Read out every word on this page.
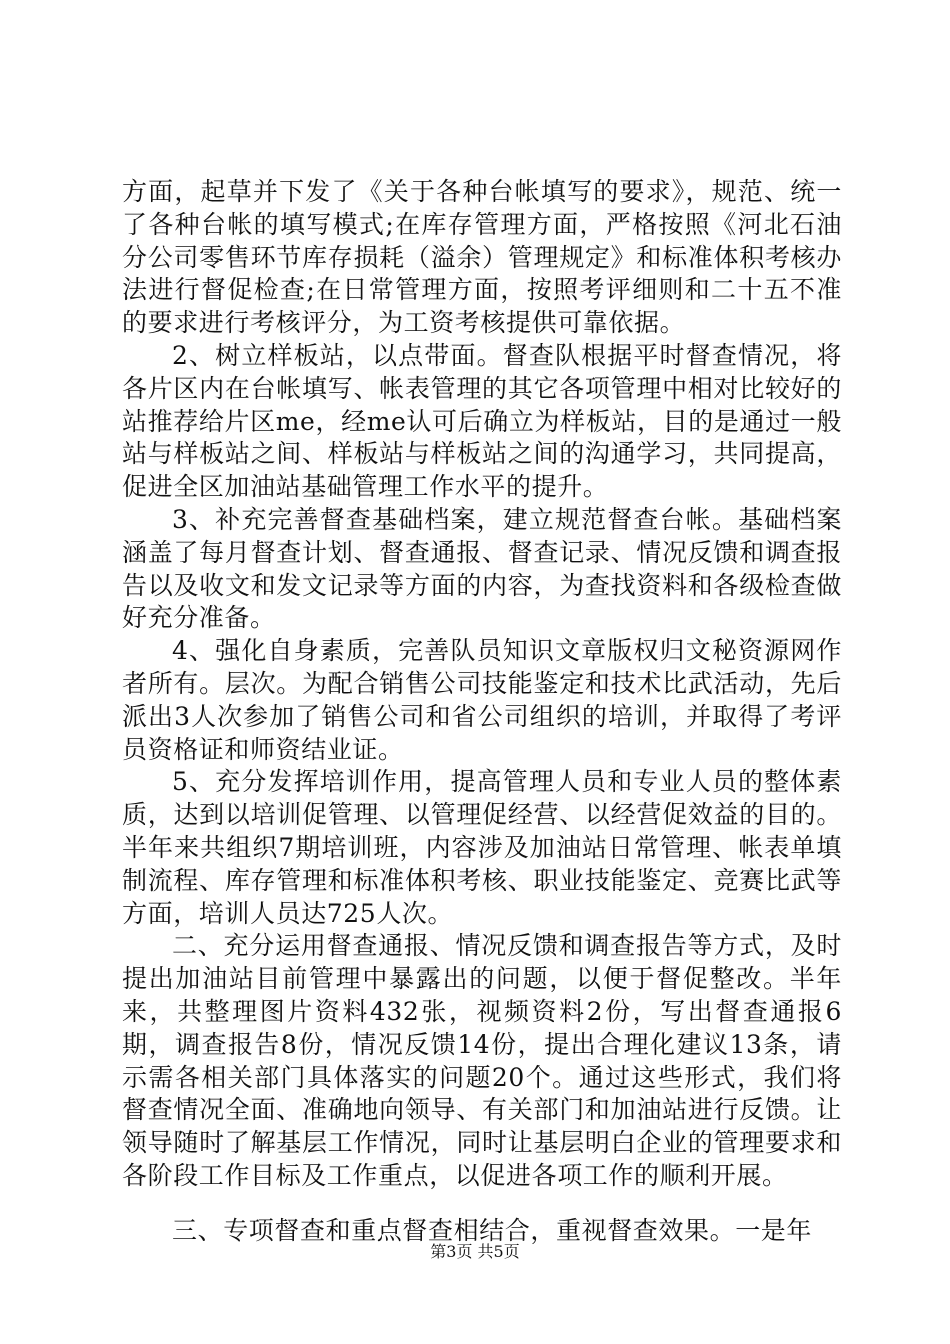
方面，起草并下发了《关于各种台帐填写的要求》，规范、统一了各种台帐的填写模式;在库存管理方面，严格按照《河北石油分公司零售环节库存损耗（溢余）管理规定》和标准体积考核办法进行督促检查;在日常管理方面，按照考评细则和二十五不准的要求进行考核评分，为工资考核提供可靠依据。

2、树立样板站，以点带面。督查队根据平时督查情况，将各片区内在台帐填写、帐表管理的其它各项管理中相对比较好的站推荐给片区me，经me认可后确立为样板站，目的是通过一般站与样板站之间、样板站与样板站之间的沟通学习，共同提高，促进全区加油站基础管理工作水平的提升。

3、补充完善督查基础档案，建立规范督查台帐。基础档案涵盖了每月督查计划、督查通报、督查记录、情况反馈和调查报告以及收文和发文记录等方面的内容，为查找资料和各级检查做好充分准备。

4、强化自身素质，完善队员知识文章版权归文秘资源网作者所有。层次。为配合销售公司技能鉴定和技术比武活动，先后派出3人次参加了销售公司和省公司组织的培训，并取得了考评员资格证和师资结业证。

5、充分发挥培训作用，提高管理人员和专业人员的整体素质，达到以培训促管理、以管理促经营、以经营促效益的目的。半年来共组织7期培训班，内容涉及加油站日常管理、帐表单填制流程、库存管理和标准体积考核、职业技能鉴定、竞赛比武等方面，培训人员达725人次。

二、充分运用督查通报、情况反馈和调查报告等方式，及时提出加油站目前管理中暴露出的问题，以便于督促整改。半年来，共整理图片资料432张，视频资料2份，写出督查通报6期，调查报告8份，情况反馈14份，提出合理化建议13条，请示需各相关部门具体落实的问题20个。通过这些形式，我们将督查情况全面、准确地向领导、有关部门和加油站进行反馈。让领导随时了解基层工作情况，同时让基层明白企业的管理要求和各阶段工作目标及工作重点，以促进各项工作的顺利开展。

三、专项督查和重点督查相结合，重视督查效果。一是年

第3页 共5页
